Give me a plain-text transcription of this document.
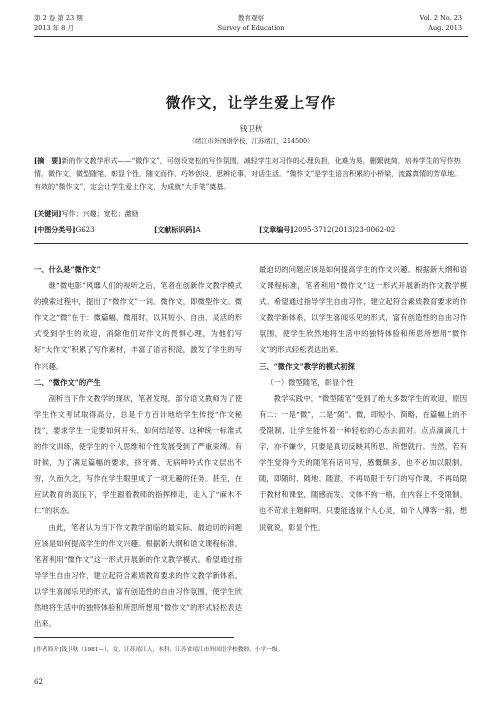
第 2 卷 第 23 期
2013 年 8 月
教育观察
Survey of Education
Vol. 2 No. 23
Aug. 2013
微作文，让学生爱上写作
钱卫秋
（靖江市外国语学校，江苏靖江，214500）
[摘　要]新的作文教学形式——“微作文”，可创设宽松的写作氛围，减轻学生对习作的心理负担，化难为易，删繁就简，培养学生的写作热情。微作文，微型随笔，彰显个性，随文而作，巧妙创设，思辨论事，对话生活。“微作文”是学生语言积累的小桥梁，流露真情的芳草地。有效的“微作文”，定会让学生爱上作文，为成就“大手笔”奠基。
[关键词]写作；兴趣；宽松；激励
[中图分类号]G623	[文献标识码]A	[文章编号]2095-3712(2013)23-0062-02

一、什么是“微作文”

继“微电影”风靡人们的视听之后，笔者在创新作文教学模式的摸索过程中，提出了“微作文”一词。微作文，即微型作文。微作文之“微”在于：微篇幅、微用时，以其短小、自由、灵活的形式受到学生的欢迎，消除他们对作文的畏惧心理，为他们写好“大作文”积累了写作素材，丰富了语言积淀，激发了学生的写作兴趣。

二、“微作文”的产生

剖析当下作文教学的现状，笔者发现，部分语文教师为了使学生作文考试取得高分，总是千方百计地给学生传授“作文秘技”，要求学生一定要如何开头、如何结尾等。这种统一标准式的作文训练，使学生的个人思维和个性发展受到了严重束缚。有时候，为了满足篇幅的要求，挤牙膏、无病呻吟式作文层出不穷，久而久之，写作在学生眼里成了一项无趣的任务。甚至，在应试教育的高压下，学生跟着教师的指挥棒走，走入了“麻木不仁”的状态。

由此，笔者认为当下作文教学面临的最实际、最迫切的问题应该是如何提高学生的作文兴趣。根据新大纲和语文课程标准，笔者利用“微作文”这一形式开展新的作文教学模式。希望通过指导学生自由习作，建立起符合素质教育要求的作文教学新体系，以学生喜闻乐见的形式，富有创造性的自由习作氛围，使学生欣然地将生活中的独特体验和所思所想用“微作文”的形式轻松表达出来。

最迫切的问题应该是如何提高学生的作文兴趣。根据新大纲和语文课程标准，笔者利用“微作文”这一形式开展新的作文教学模式。希望通过指导学生自由习作，建立起符合素质教育要求的作文教学新体系，以学生喜闻乐见的形式，富有创造性的自由习作氛围，使学生欣然地将生活中的独特体验和所思所想用“微作文”的形式轻松表达出来。

三、“微作文”教学的模式初探

（一）微型随笔，彰显个性

教学实践中，“微型随笔”受到了绝大多数学生的欢迎，原因有二：一是“微”，二是“随”。微，即短小、简略，在篇幅上的不受限制，让学生能怀着一种轻松的心态去面对。点点滴滴几十字，亦不嫌少，只要是真切反映其所思、所想就行。当然，若有学生觉得今天的随笔有话可写，感慨颇多，也不必加以限制。随，即随时、随地、随意，不再局限于专门的写作课，不再局限于教材和课堂，随感而发。文体不拘一格，在内容上不受限制，也不苛求主题鲜明。只要能透视个人心灵，如个人博客一般，想说就说，彰显个性。

[作者简介]钱卫秋（1981—），女，江苏靖江人，本科，江苏省靖江市外国语学校教师，小学一级。
62
